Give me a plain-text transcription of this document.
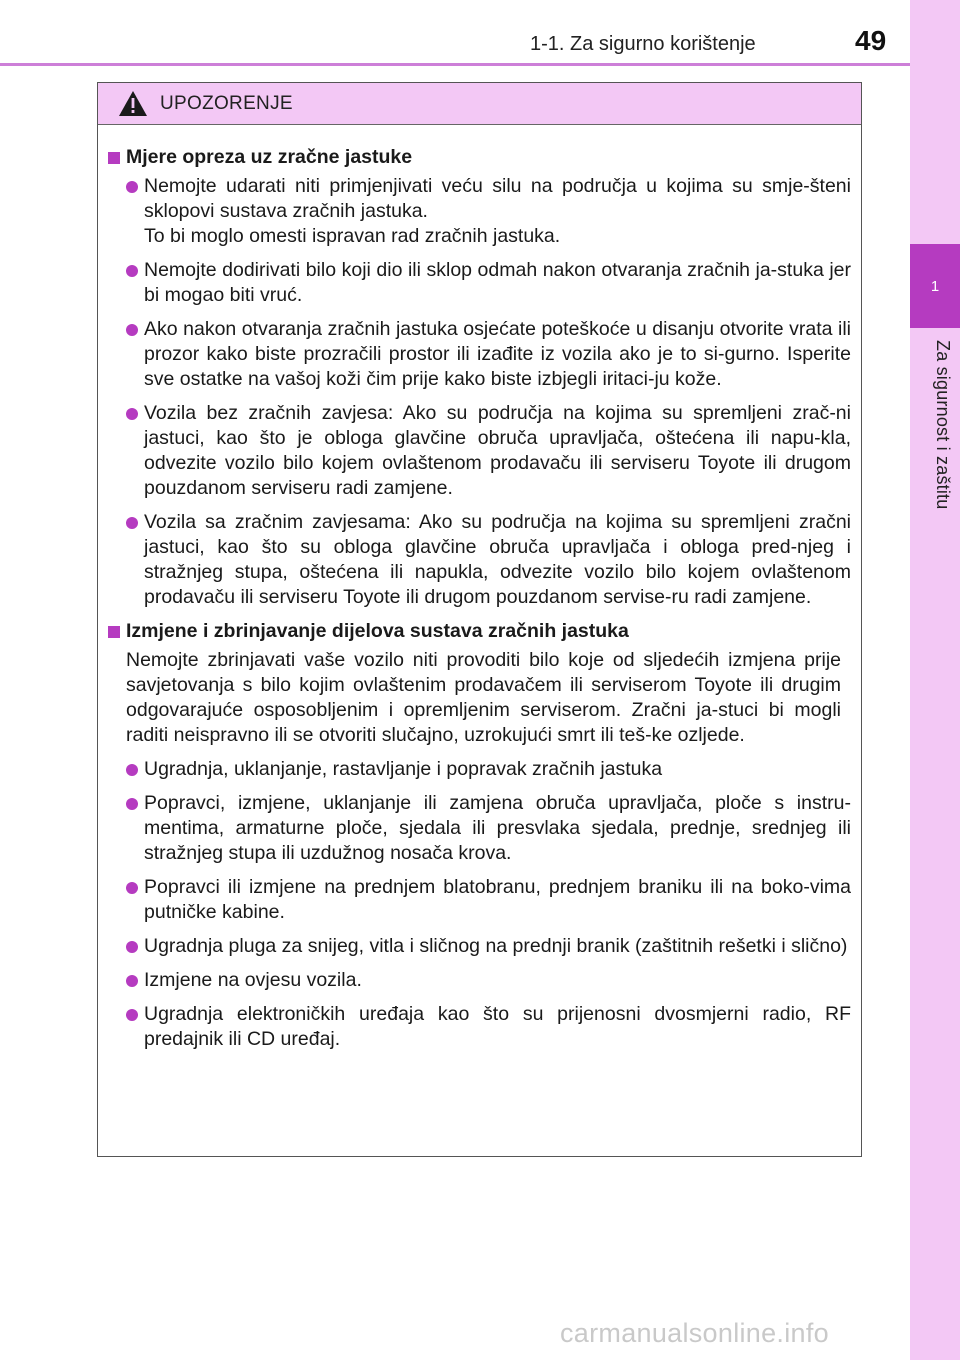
1
Za sigurnost i zaštitu
1-1. Za sigurno korištenje	49
UPOZORENJE
Mjere opreza uz zračne jastuke
Nemojte udarati niti primjenjivati veću silu na područja u kojima su smje-šteni sklopovi sustava zračnih jastuka.
To bi moglo omesti ispravan rad zračnih jastuka.
Nemojte dodirivati bilo koji dio ili sklop odmah nakon otvaranja zračnih ja-stuka jer bi mogao biti vruć.
Ako nakon otvaranja zračnih jastuka osjećate poteškoće u disanju otvorite vrata ili prozor kako biste prozračili prostor ili izađite iz vozila ako je to si-gurno. Isperite sve ostatke na vašoj koži čim prije kako biste izbjegli iritaci-ju kože.
Vozila bez zračnih zavjesa: Ako su područja na kojima su spremljeni zrač-ni jastuci, kao što je obloga glavčine obruča upravljača, oštećena ili napu-kla, odvezite vozilo bilo kojem ovlaštenom prodavaču ili serviseru Toyote ili drugom pouzdanom serviseru radi zamjene.
Vozila sa zračnim zavjesama: Ako su područja na kojima su spremljeni zračni jastuci, kao što su obloga glavčine obruča upravljača i obloga pred-njeg i stražnjeg stupa, oštećena ili napukla, odvezite vozilo bilo kojem ovlaštenom prodavaču ili serviseru Toyote ili drugom pouzdanom servise-ru radi zamjene.
Izmjene i zbrinjavanje dijelova sustava zračnih jastuka
Nemojte zbrinjavati vaše vozilo niti provoditi bilo koje od sljedećih izmjena prije savjetovanja s bilo kojim ovlaštenim prodavačem ili serviserom Toyote ili drugim odgovarajuće osposobljenim i opremljenim serviserom. Zračni ja-stuci bi mogli raditi neispravno ili se otvoriti slučajno, uzrokujući smrt ili teš-ke ozljede.
Ugradnja, uklanjanje, rastavljanje i popravak zračnih jastuka
Popravci, izmjene, uklanjanje ili zamjena obruča upravljača, ploče s instru-mentima, armaturne ploče, sjedala ili presvlaka sjedala, prednje, srednjeg ili stražnjeg stupa ili uzdužnog nosača krova.
Popravci ili izmjene na prednjem blatobranu, prednjem braniku ili na boko-vima putničke kabine.
Ugradnja pluga za snijeg, vitla i sličnog na prednji branik (zaštitnih rešetki i slično)
Izmjene na ovjesu vozila.
Ugradnja elektroničkih uređaja kao što su prijenosni dvosmjerni radio, RF predajnik ili CD uređaj.
carmanualsonline.info
